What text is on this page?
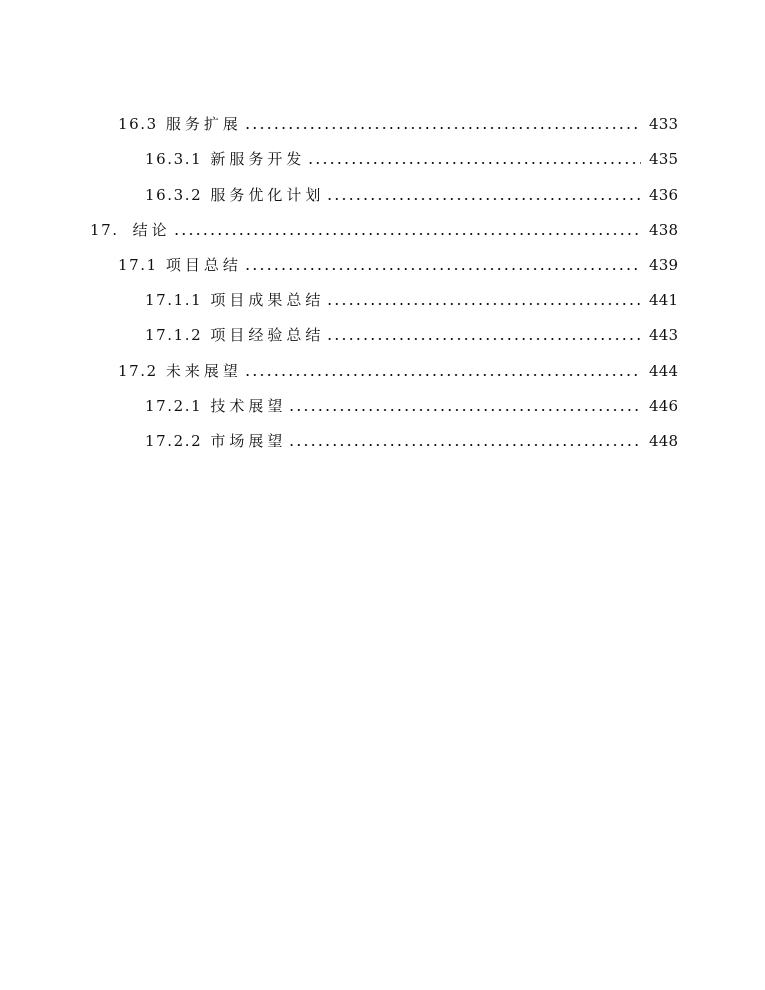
16.3 服务扩展	433
16.3.1 新服务开发	435
16.3.2 服务优化计划	436
17. 结论	438
17.1 项目总结	439
17.1.1 项目成果总结	441
17.1.2 项目经验总结	443
17.2 未来展望	444
17.2.1 技术展望	446
17.2.2 市场展望	448
